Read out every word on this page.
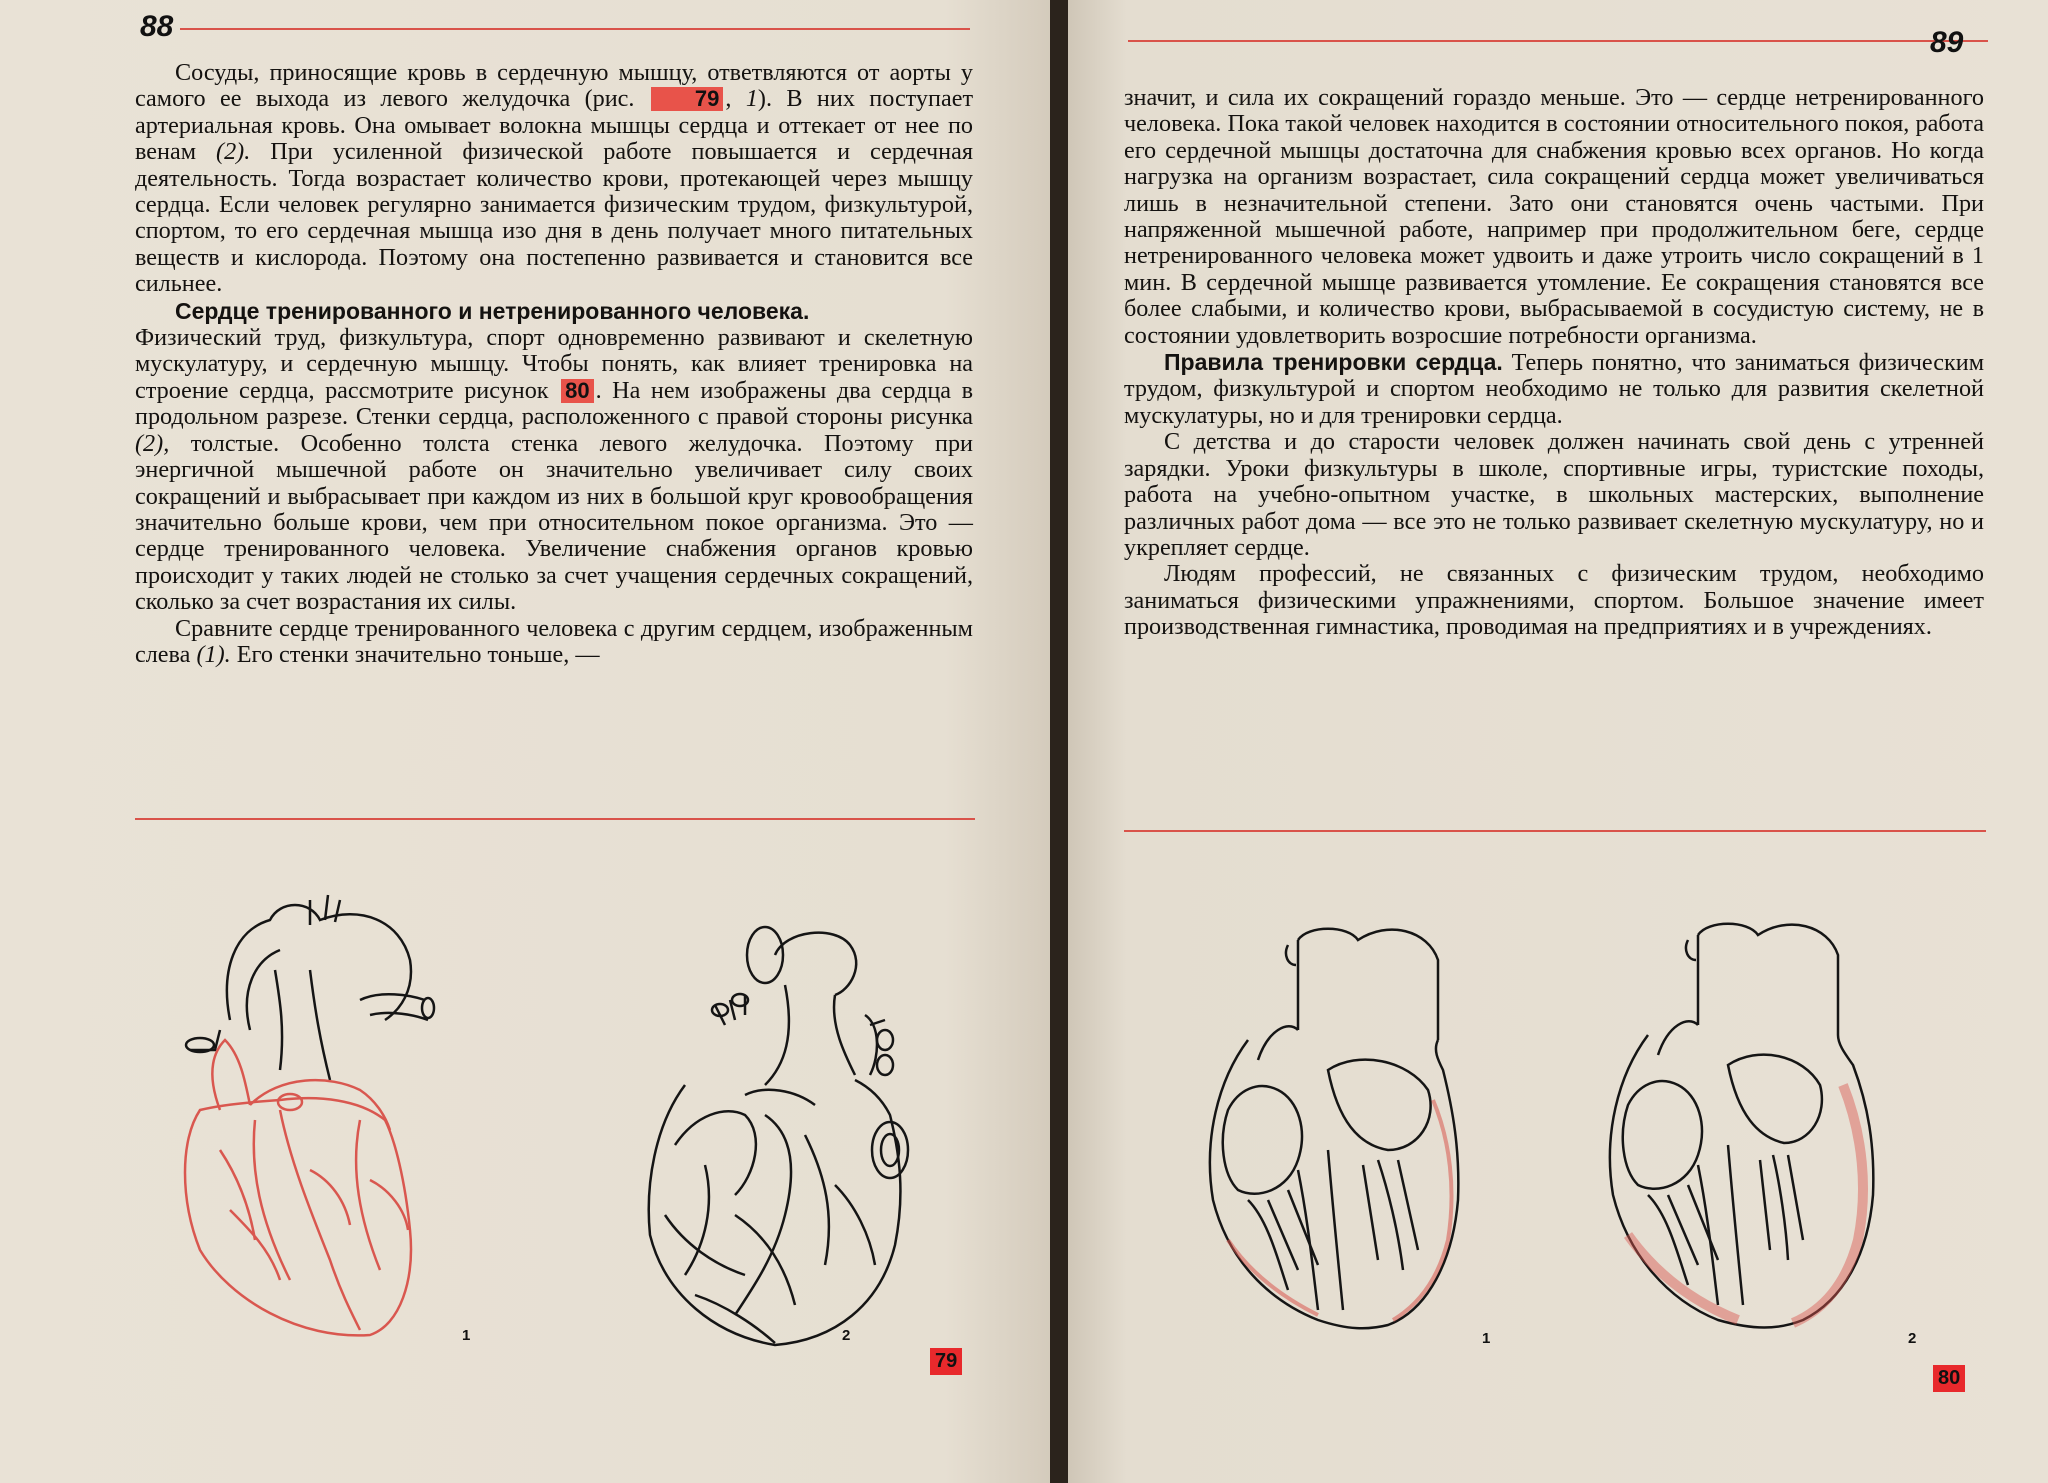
88

Сосуды, приносящие кровь в сердечную мышцу, ответвляются от аорты у самого ее выхода из левого желудочка (рис.	79 , 1). В них поступает артериальная кровь. Она омывает волокна мышцы сердца и оттекает от нее по венам (2). При усиленной физической работе повышается и сердечная деятельность. Тогда возрастает количество крови, протекающей через мышцу сердца. Если человек регулярно занимается физическим трудом, физкультурой, спортом, то его сердечная мышца изо дня в день получает много питательных веществ и кислорода. Поэтому она постепенно развивается и становится все сильнее.

Сердце тренированного и нетренированного человека.

Физический труд, физкультура, спорт одновременно развивают и скелетную мускулатуру, и сердечную мышцу. Чтобы понять, как влияет тренировка на строение сердца, рассмотрите рисунок 80 . На нем изображены два сердца в продольном разрезе. Стенки сердца, расположенного с правой стороны рисунка (2), толстые. Особенно толста стенка левого желудочка. Поэтому при энергичной мышечной работе он значительно увеличивает силу своих сокращений и выбрасывает при каждом из них в большой круг кровообращения значительно больше крови, чем при относительном покое организма. Это — сердце тренированного человека. Увеличение снабжения органов кровью происходит у таких людей не столько за счет учащения сердечных сокращений, сколько за счет возрастания их силы.

Сравните сердце тренированного человека с другим сердцем, изображенным слева (1). Его стенки значительно тоньше, —

1	2
79
89

значит, и сила их сокращений гораздо меньше. Это — сердце нетренированного человека. Пока такой человек находится в состоянии относительного покоя, работа его сердечной мышцы достаточна для снабжения кровью всех органов. Но когда нагрузка на организм возрастает, сила сокращений сердца может увеличиваться лишь в незначительной степени. Зато они становятся очень частыми. При напряженной мышечной работе, например при продолжительном беге, сердце нетренированного человека может удвоить и даже утроить число сокращений в 1 мин. В сердечной мышце развивается утомление. Ее сокращения становятся все более слабыми, и количество крови, выбрасываемой в сосудистую систему, не в состоянии удовлетворить возросшие потребности организма.

Правила тренировки сердца. Теперь понятно, что заниматься физическим трудом, физкультурой и спортом необходимо не только для развития скелетной мускулатуры, но и для тренировки сердца.

С детства и до старости человек должен начинать свой день с утренней зарядки. Уроки физкультуры в школе, спортивные игры, туристские походы, работа на учебно-опытном участке, в школьных мастерских, выполнение различных работ дома — все это не только развивает скелетную мускулатуру, но и укрепляет сердце.

Людям профессий, не связанных с физическим трудом, необходимо заниматься физическими упражнениями, спортом. Большое значение имеет производственная гимнастика, проводимая на предприятиях и в учреждениях.

1	2
80
